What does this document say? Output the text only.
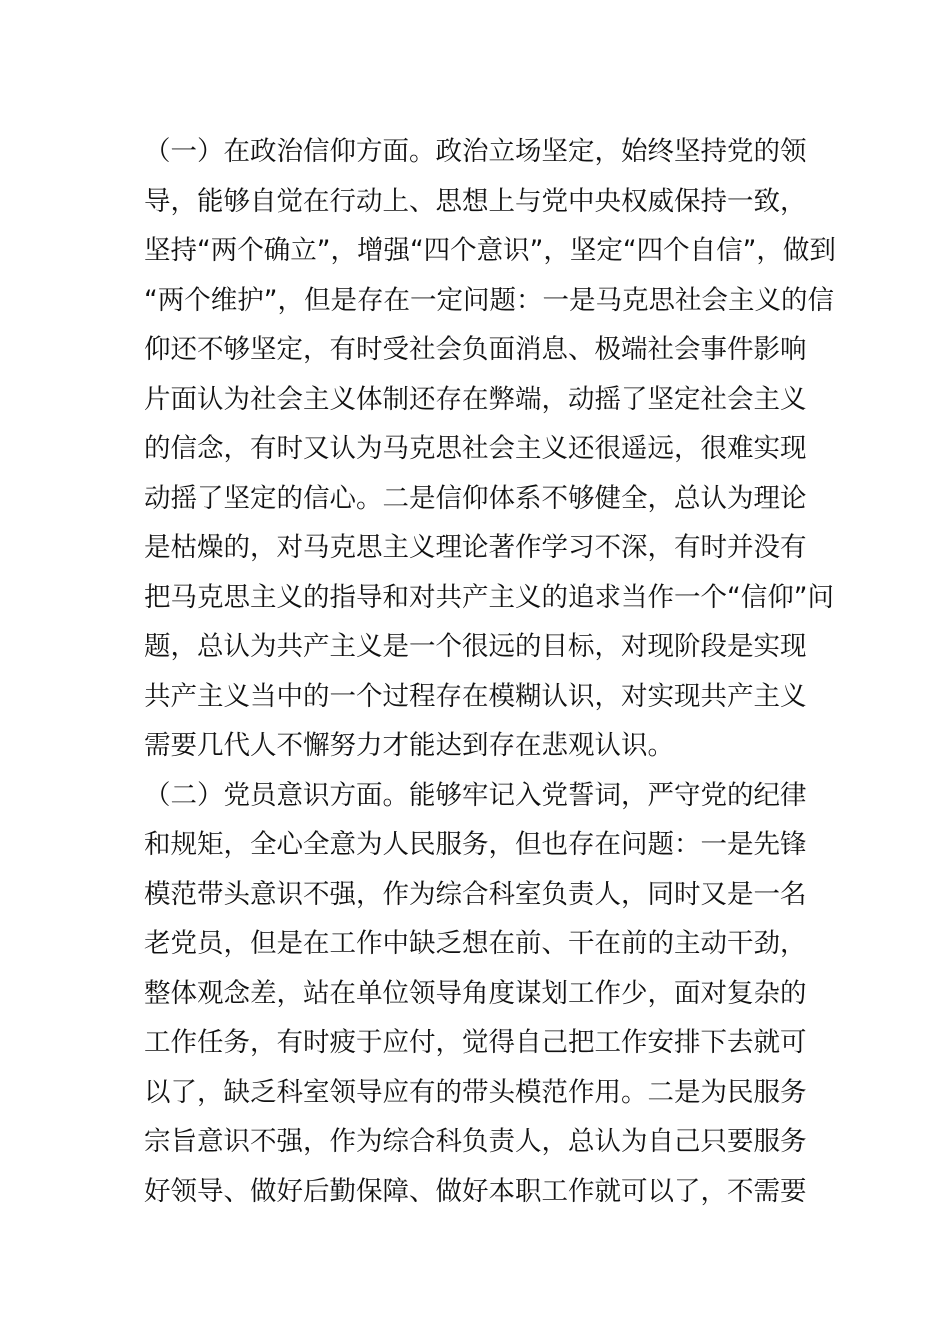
（一）在政治信仰方面。政治立场坚定，始终坚持党的领
导，能够自觉在行动上、思想上与党中央权威保持一致，
坚持“两个确立”，增强“四个意识”，坚定“四个自信”，做到
“两个维护”，但是存在一定问题：一是马克思社会主义的信
仰还不够坚定，有时受社会负面消息、极端社会事件影响
片面认为社会主义体制还存在弊端，动摇了坚定社会主义
的信念，有时又认为马克思社会主义还很遥远，很难实现
动摇了坚定的信心。二是信仰体系不够健全，总认为理论
是枯燥的，对马克思主义理论著作学习不深，有时并没有
把马克思主义的指导和对共产主义的追求当作一个“信仰”问
题，总认为共产主义是一个很远的目标，对现阶段是实现
共产主义当中的一个过程存在模糊认识，对实现共产主义
需要几代人不懈努力才能达到存在悲观认识。
（二）党员意识方面。能够牢记入党誓词，严守党的纪律
和规矩，全心全意为人民服务，但也存在问题：一是先锋
模范带头意识不强，作为综合科室负责人，同时又是一名
老党员，但是在工作中缺乏想在前、干在前的主动干劲，
整体观念差，站在单位领导角度谋划工作少，面对复杂的
工作任务，有时疲于应付，觉得自己把工作安排下去就可
以了，缺乏科室领导应有的带头模范作用。二是为民服务
宗旨意识不强，作为综合科负责人，总认为自己只要服务
好领导、做好后勤保障、做好本职工作就可以了，不需要
